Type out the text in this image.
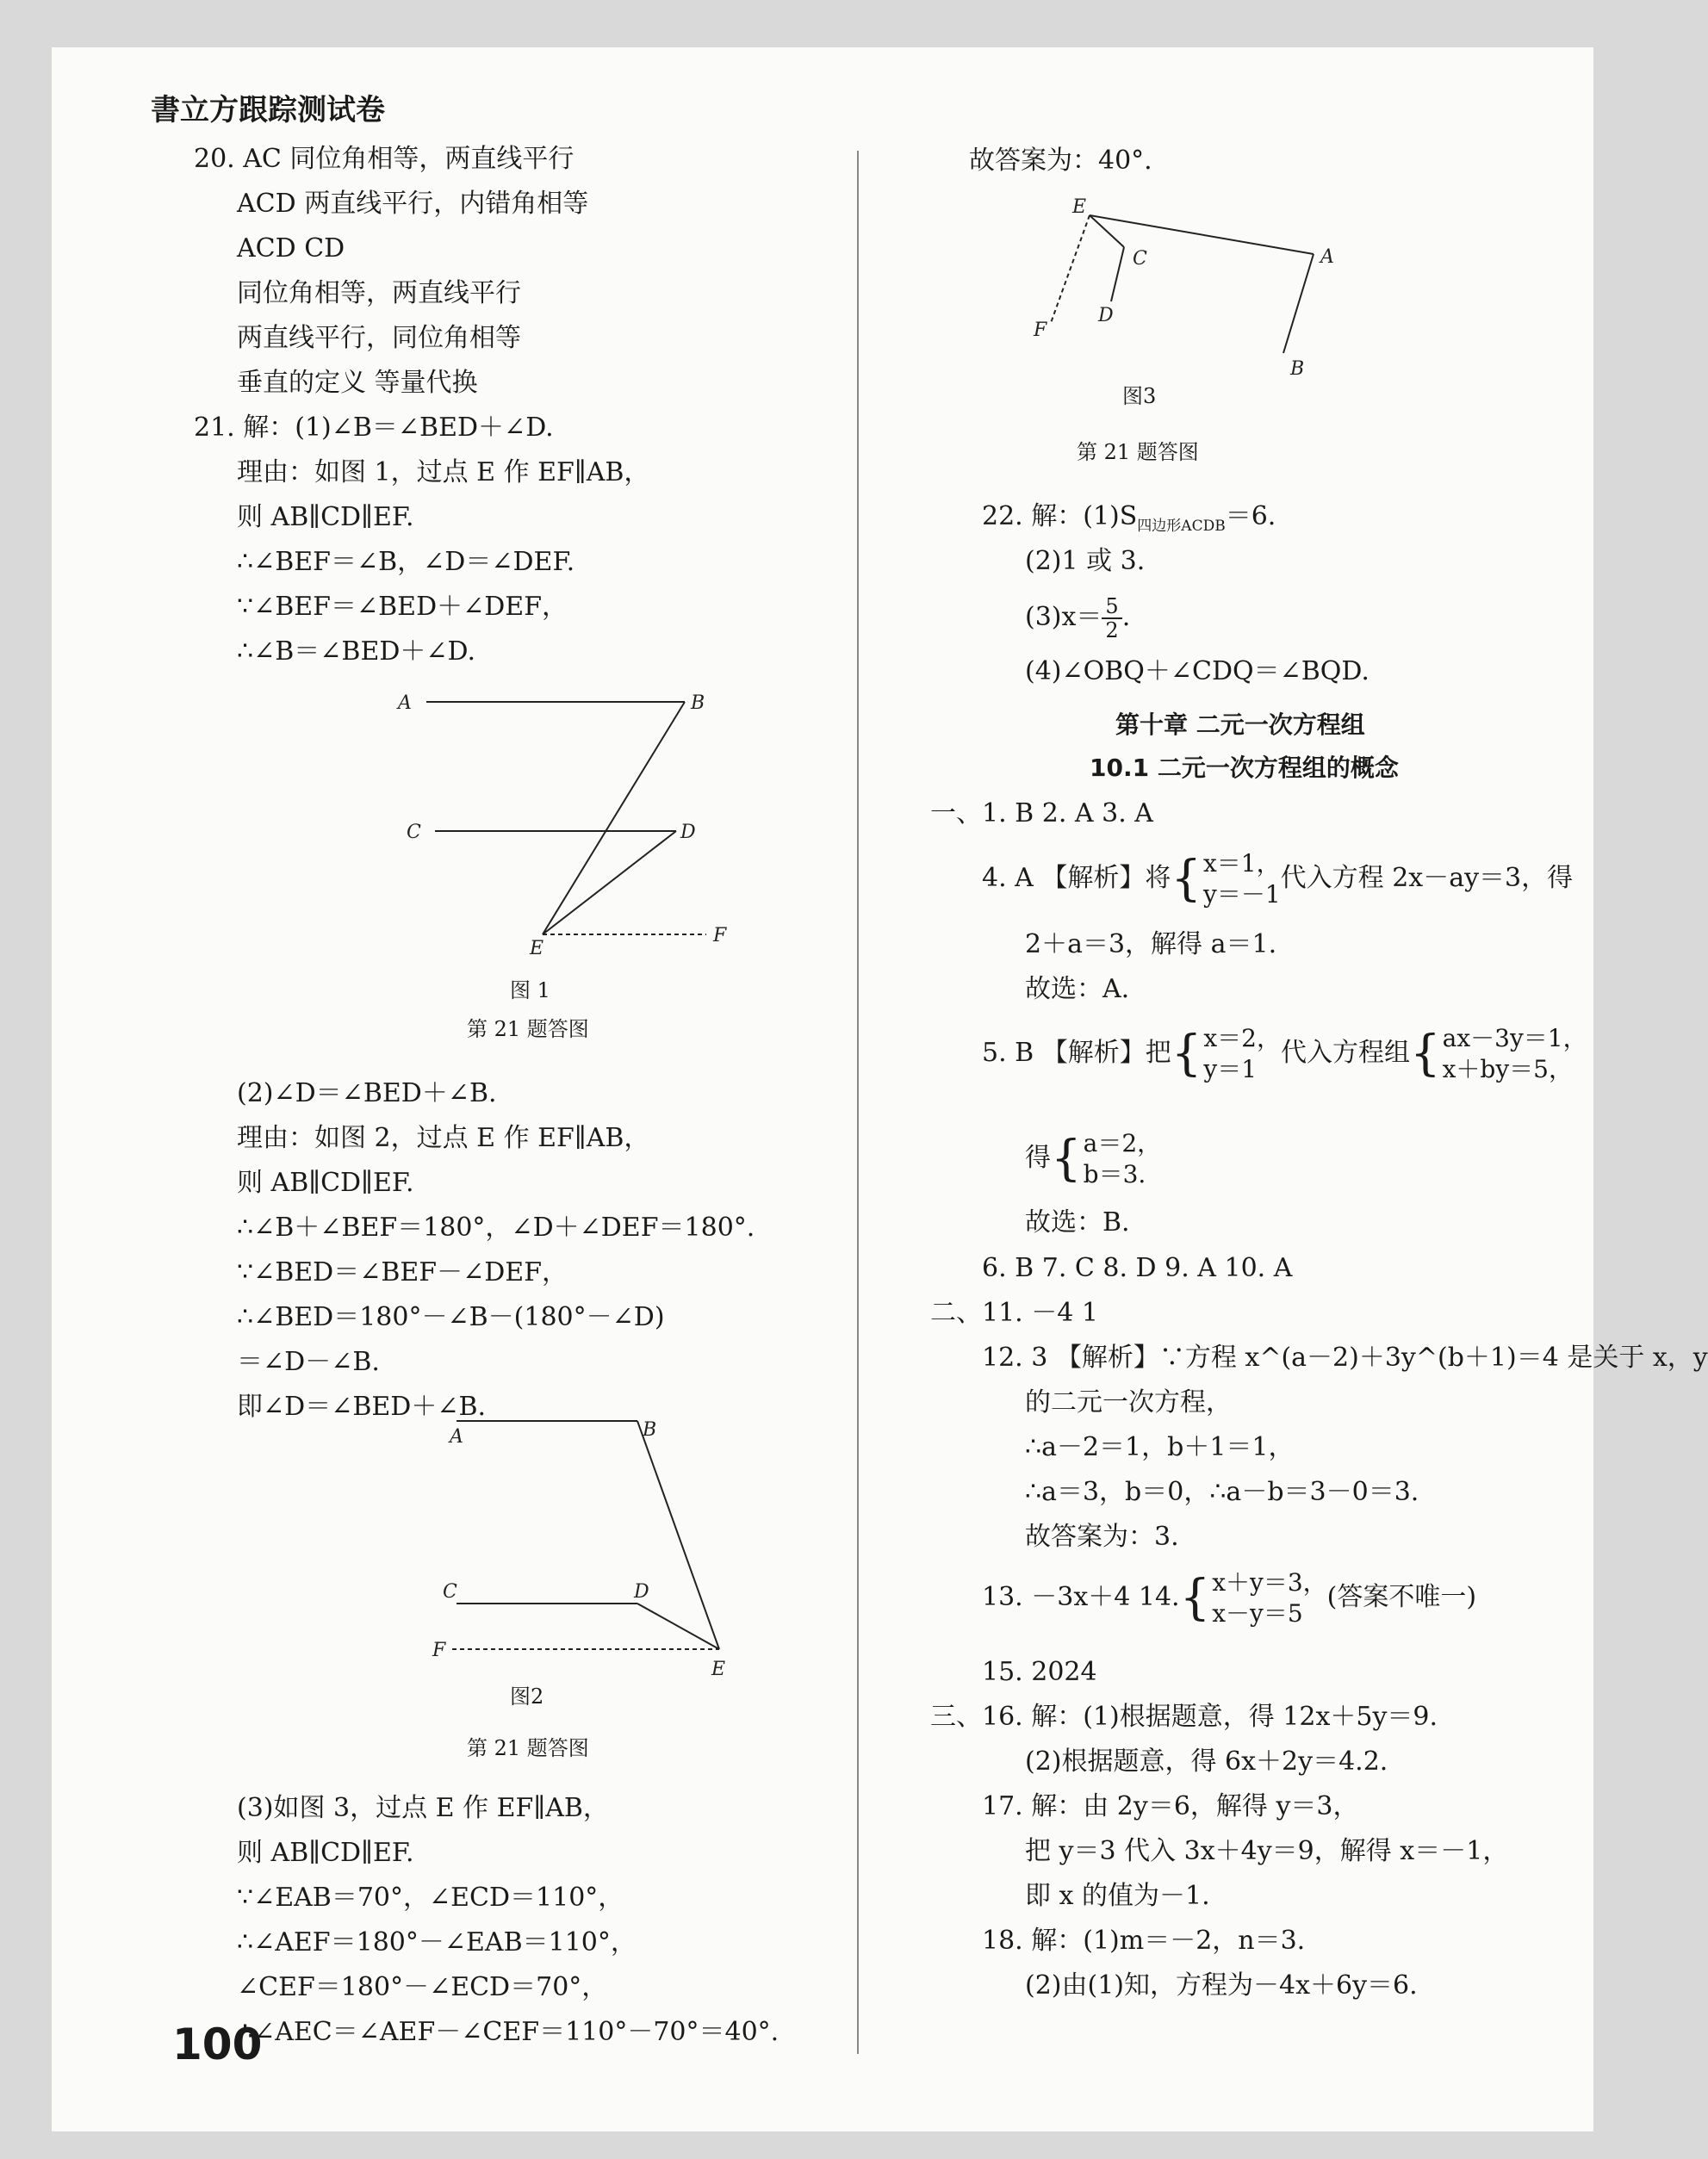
書立方跟踪测试卷
20. AC 同位角相等，两直线平行
ACD 两直线平行，内错角相等
ACD CD
同位角相等，两直线平行
两直线平行，同位角相等
垂直的定义 等量代换
21. 解：(1)∠B＝∠BED＋∠D.
理由：如图 1，过点 E 作 EF∥AB，
则 AB∥CD∥EF.
∴∠BEF＝∠B，∠D＝∠DEF.
∵∠BEF＝∠BED＋∠DEF，
∴∠B＝∠BED＋∠D.
A	B
C	D
E
F
图 1
第 21 题答图
(2)∠D＝∠BED＋∠B.
理由：如图 2，过点 E 作 EF∥AB，
则 AB∥CD∥EF.
∴∠B＋∠BEF＝180°，∠D＋∠DEF＝180°.
∵∠BED＝∠BEF－∠DEF，
∴∠BED＝180°－∠B－(180°－∠D)
＝∠D－∠B.
即∠D＝∠BED＋∠B.
A	B
C	D
E
F
图2
第 21 题答图
(3)如图 3，过点 E 作 EF∥AB，
则 AB∥CD∥EF.
∵∠EAB＝70°，∠ECD＝110°，
∴∠AEF＝180°－∠EAB＝110°，
∠CEF＝180°－∠ECD＝70°，
∴∠AEC＝∠AEF－∠CEF＝110°－70°＝40°.
100
故答案为：40°.
E
C	A
F
D
B
图3
第 21 题答图
22. 解：$(1)S_{四边形ACDB}=6$.
(2)1 或 3.
$(3)x= \frac{5}{2}$ .
(4)∠OBQ＋∠CDQ＝∠BQD.
第十章 二元一次方程组
10.1 二元一次方程组的概念
一、1. B 2. A 3. A
4. A 【解析】将{ x＝1，
y＝－1
代入方程 2x－ay＝3，得
2＋a＝3，解得 a＝1.
故选：A.
5. B 【解析】把{ x＝2，
y＝1
代入方程组{ ax－3y＝1，
x＋by＝5，
得{ a＝2，
b＝3.
故选：B.
6. B 7. C 8. D 9. A 10. A
二、11. －4 1
12. 3 【解析】∵方程 x^(a－2)＋3y^(b＋1)＝4 是关于 x，y
的二元一次方程，
∴a－2＝1，b＋1＝1，
∴a＝3，b＝0，∴a－b＝3－0＝3.
故答案为：3.
13. －3x＋4 14.{ x＋y＝3，
x－y＝5
(答案不唯一)
15. 2024
三、16. 解：(1)根据题意，得 12x＋5y＝9.
(2)根据题意，得 6x＋2y＝4.2.
17. 解：由 2y＝6，解得 y＝3，
把 y＝3 代入 3x＋4y＝9，解得 x＝－1，
即 x 的值为－1.
18. 解：(1)m＝－2，n＝3.
(2)由(1)知，方程为－4x＋6y＝6.
